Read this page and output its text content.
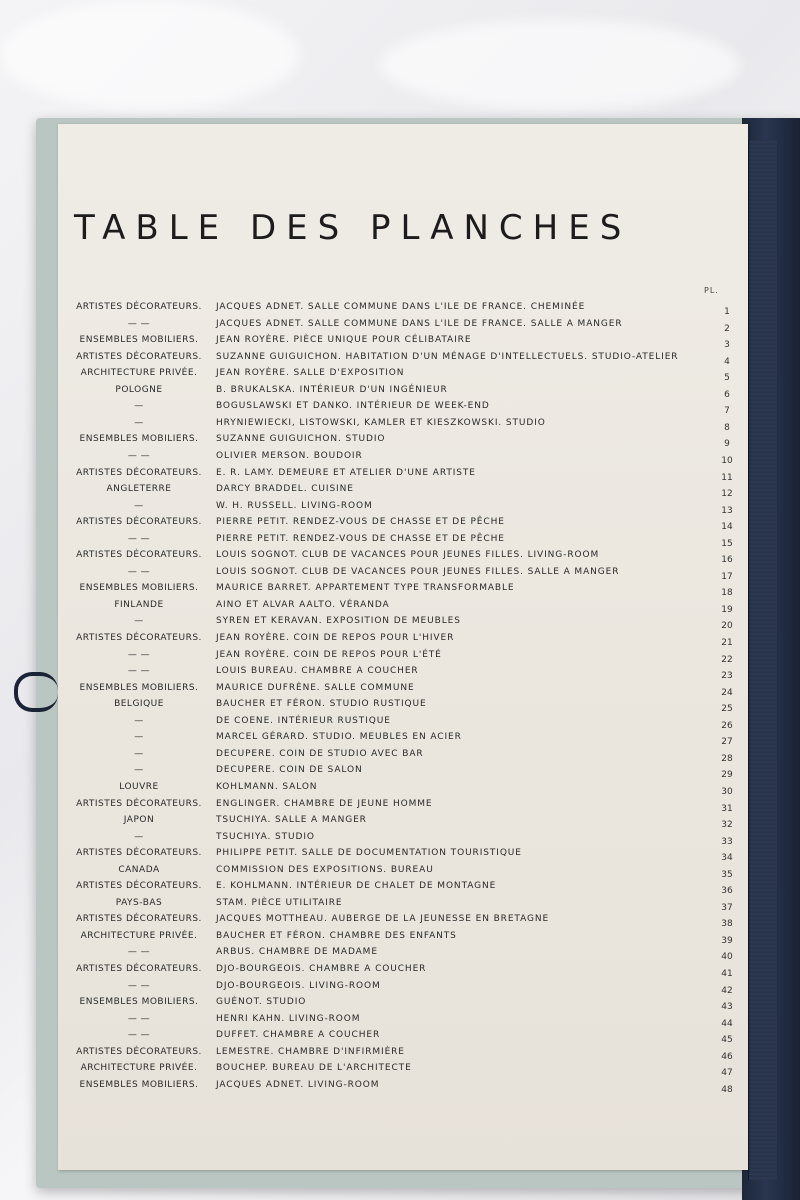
TABLE DES PLANCHES
PL.
ARTISTES DÉCORATEURS.	JACQUES ADNET. SALLE COMMUNE DANS L'ILE DE FRANCE. CHEMINÉE	1
— —	JACQUES ADNET. SALLE COMMUNE DANS L'ILE DE FRANCE. SALLE A MANGER	2
ENSEMBLES MOBILIERS.	JEAN ROYÈRE. PIÈCE UNIQUE POUR CÉLIBATAIRE	3
ARTISTES DÉCORATEURS.	SUZANNE GUIGUICHON. HABITATION D'UN MÉNAGE D'INTELLECTUELS. STUDIO-ATELIER	4
ARCHITECTURE PRIVÉE.	JEAN ROYÈRE. SALLE D'EXPOSITION	5
POLOGNE	B. BRUKALSKA. INTÉRIEUR D'UN INGÉNIEUR	6
—	BOGUSLAWSKI ET DANKO. INTÉRIEUR DE WEEK-END	7
—	HRYNIEWIECKI, LISTOWSKI, KAMLER ET KIESZKOWSKI. STUDIO	8
ENSEMBLES MOBILIERS.	SUZANNE GUIGUICHON. STUDIO	9
— —	OLIVIER MERSON. BOUDOIR	10
ARTISTES DÉCORATEURS.	E. R. LAMY. DEMEURE ET ATELIER D'UNE ARTISTE	11
ANGLETERRE	DARCY BRADDEL. CUISINE	12
—	W. H. RUSSELL. LIVING-ROOM	13
ARTISTES DÉCORATEURS.	PIERRE PETIT. RENDEZ-VOUS DE CHASSE ET DE PÊCHE	14
— —	PIERRE PETIT. RENDEZ-VOUS DE CHASSE ET DE PÊCHE	15
ARTISTES DÉCORATEURS.	LOUIS SOGNOT. CLUB DE VACANCES POUR JEUNES FILLES. LIVING-ROOM	16
— —	LOUIS SOGNOT. CLUB DE VACANCES POUR JEUNES FILLES. SALLE A MANGER	17
ENSEMBLES MOBILIERS.	MAURICE BARRET. APPARTEMENT TYPE TRANSFORMABLE	18
FINLANDE	AINO ET ALVAR AALTO. VÉRANDA	19
—	SYREN ET KERAVAN. EXPOSITION DE MEUBLES	20
ARTISTES DÉCORATEURS.	JEAN ROYÈRE. COIN DE REPOS POUR L'HIVER	21
— —	JEAN ROYÈRE. COIN DE REPOS POUR L'ÉTÉ	22
— —	LOUIS BUREAU. CHAMBRE A COUCHER	23
ENSEMBLES MOBILIERS.	MAURICE DUFRÈNE. SALLE COMMUNE	24
BELGIQUE	BAUCHER ET FÉRON. STUDIO RUSTIQUE	25
—	DE COENE. INTÉRIEUR RUSTIQUE	26
—	MARCEL GÉRARD. STUDIO. MEUBLES EN ACIER	27
—	DECUPERE. COIN DE STUDIO AVEC BAR	28
—	DECUPERE. COIN DE SALON	29
LOUVRE	KOHLMANN. SALON	30
ARTISTES DÉCORATEURS.	ENGLINGER. CHAMBRE DE JEUNE HOMME	31
JAPON	TSUCHIYA. SALLE A MANGER	32
—	TSUCHIYA. STUDIO	33
ARTISTES DÉCORATEURS.	PHILIPPE PETIT. SALLE DE DOCUMENTATION TOURISTIQUE	34
CANADA	COMMISSION DES EXPOSITIONS. BUREAU	35
ARTISTES DÉCORATEURS.	E. KOHLMANN. INTÉRIEUR DE CHALET DE MONTAGNE	36
PAYS-BAS	STAM. PIÈCE UTILITAIRE	37
ARTISTES DÉCORATEURS.	JACQUES MOTTHEAU. AUBERGE DE LA JEUNESSE EN BRETAGNE	38
ARCHITECTURE PRIVÉE.	BAUCHER ET FÉRON. CHAMBRE DES ENFANTS	39
— —	ARBUS. CHAMBRE DE MADAME	40
ARTISTES DÉCORATEURS.	DJO-BOURGEOIS. CHAMBRE A COUCHER	41
— —	DJO-BOURGEOIS. LIVING-ROOM	42
ENSEMBLES MOBILIERS.	GUÉNOT. STUDIO	43
— —	HENRI KAHN. LIVING-ROOM	44
— —	DUFFET. CHAMBRE A COUCHER	45
ARTISTES DÉCORATEURS.	LEMESTRE. CHAMBRE D'INFIRMIÈRE	46
ARCHITECTURE PRIVÉE.	BOUCHEP. BUREAU DE L'ARCHITECTE	47
ENSEMBLES MOBILIERS.	JACQUES ADNET. LIVING-ROOM	48
